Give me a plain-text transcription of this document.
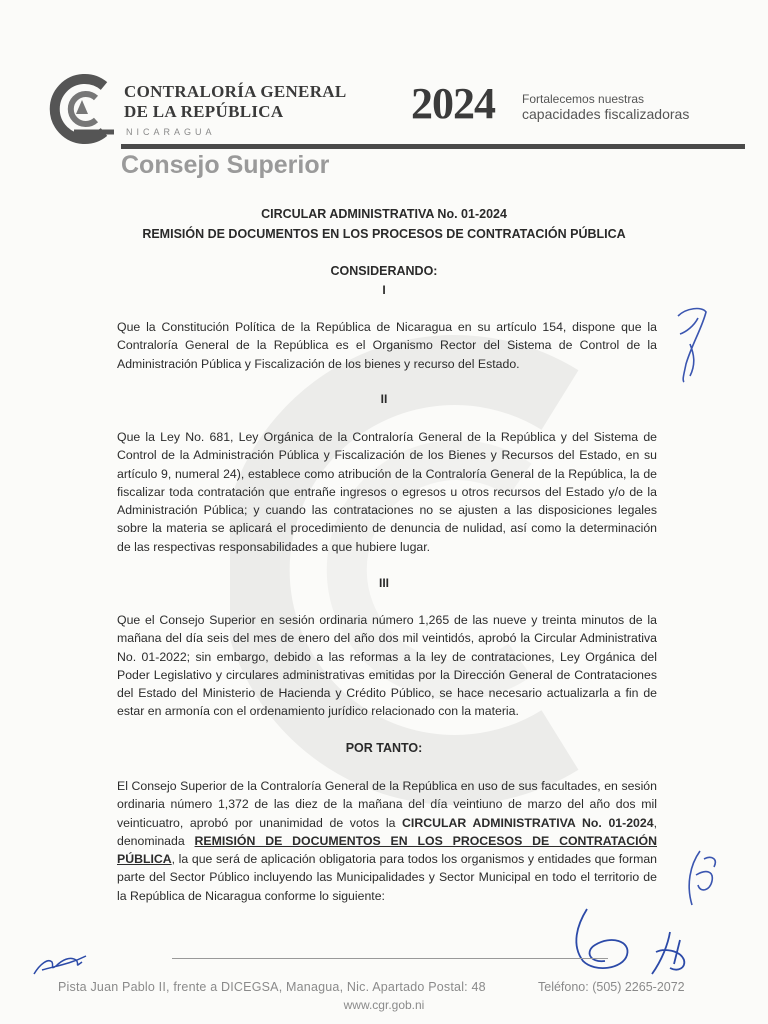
CONTRALORÍA GENERAL
DE LA REPÚBLICA
NICARAGUA
2024 Fortalecemos nuestras
capacidades fiscalizadoras
Consejo Superior
CIRCULAR ADMINISTRATIVA No. 01-2024
REMISIÓN DE DOCUMENTOS EN LOS PROCESOS DE CONTRATACIÓN PÚBLICA
CONSIDERANDO:
I
Que la Constitución Política de la República de Nicaragua en su artículo 154, dispone que la Contraloría General de la República es el Organismo Rector del Sistema de Control de la Administración Pública y Fiscalización de los bienes y recurso del Estado.
II
Que la Ley No. 681, Ley Orgánica de la Contraloría General de la República y del Sistema de Control de la Administración Pública y Fiscalización de los Bienes y Recursos del Estado, en su artículo 9, numeral 24), establece como atribución de la Contraloría General de la República, la de fiscalizar toda contratación que entrañe ingresos o egresos u otros recursos del Estado y/o de la Administración Pública; y cuando las contrataciones no se ajusten a las disposiciones legales sobre la materia se aplicará el procedimiento de denuncia de nulidad, así como la determinación de las respectivas responsabilidades a que hubiere lugar.
III
Que el Consejo Superior en sesión ordinaria número 1,265 de las nueve y treinta minutos de la mañana del día seis del mes de enero del año dos mil veintidós, aprobó la Circular Administrativa No. 01-2022; sin embargo, debido a las reformas a la ley de contrataciones, Ley Orgánica del Poder Legislativo y circulares administrativas emitidas por la Dirección General de Contrataciones del Estado del Ministerio de Hacienda y Crédito Público, se hace necesario actualizarla a fin de estar en armonía con el ordenamiento jurídico relacionado con la materia.
POR TANTO:
El Consejo Superior de la Contraloría General de la República en uso de sus facultades, en sesión ordinaria número 1,372 de las diez de la mañana del día veintiuno de marzo del año dos mil veinticuatro, aprobó por unanimidad de votos la CIRCULAR ADMINISTRATIVA No. 01-2024, denominada REMISIÓN DE DOCUMENTOS EN LOS PROCESOS DE CONTRATACIÓN PÚBLICA, la que será de aplicación obligatoria para todos los organismos y entidades que forman parte del Sector Público incluyendo las Municipalidades y Sector Municipal en todo el territorio de la República de Nicaragua conforme lo siguiente:
Pista Juan Pablo II, frente a DICEGSA, Managua, Nic. Apartado Postal: 48	Teléfono: (505) 2265-2072
www.cgr.gob.ni
